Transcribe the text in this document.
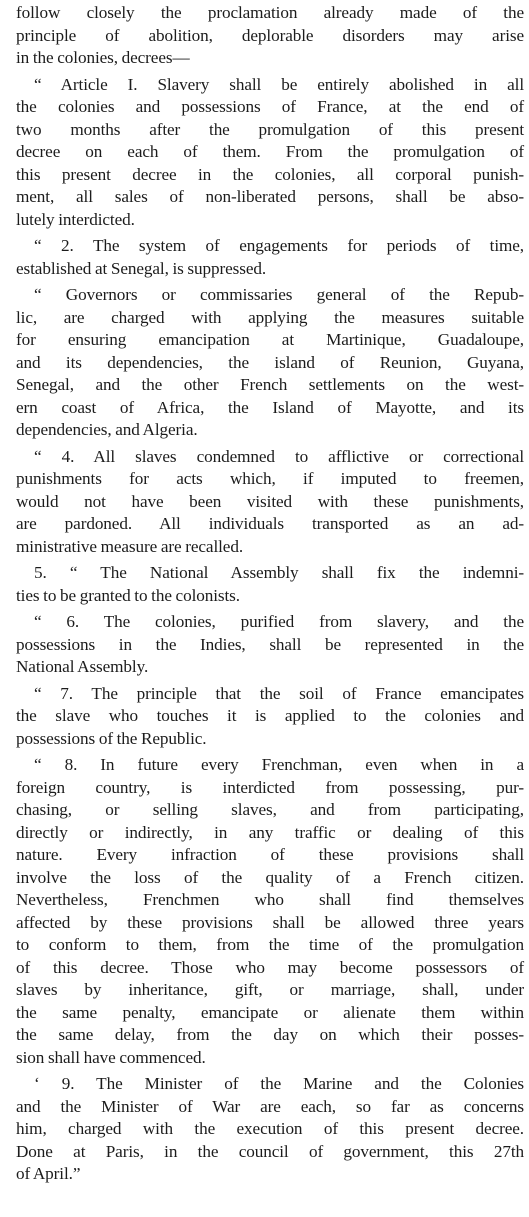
follow closely the proclamation already made of the
principle of abolition, deplorable disorders may arise
in the colonies, decrees—
“ Article I. Slavery shall be entirely abolished in all
the colonies and possessions of France, at the end of
two months after the promulgation of this present
decree on each of them. From the promulgation of
this present decree in the colonies, all corporal punish-
ment, all sales of non-liberated persons, shall be abso-
lutely interdicted.
“ 2. The system of engagements for periods of time,
established at Senegal, is suppressed.
“ Governors or commissaries general of the Repub-
lic, are charged with applying the measures suitable
for ensuring emancipation at Martinique, Guadaloupe,
and its dependencies, the island of Reunion, Guyana,
Senegal, and the other French settlements on the west-
ern coast of Africa, the Island of Mayotte, and its
dependencies, and Algeria.
“ 4. All slaves condemned to afflictive or correctional
punishments for acts which, if imputed to freemen,
would not have been visited with these punishments,
are pardoned. All individuals transported as an ad-
ministrative measure are recalled.
5. “ The National Assembly shall fix the indemni-
ties to be granted to the colonists.
“ 6. The colonies, purified from slavery, and the
possessions in the Indies, shall be represented in the
National Assembly.
“ 7. The principle that the soil of France emancipates
the slave who touches it is applied to the colonies and
possessions of the Republic.
“ 8. In future every Frenchman, even when in a
foreign country, is interdicted from possessing, pur-
chasing, or selling slaves, and from participating,
directly or indirectly, in any traffic or dealing of this
nature. Every infraction of these provisions shall
involve the loss of the quality of a French citizen.
Nevertheless, Frenchmen who shall find themselves
affected by these provisions shall be allowed three years
to conform to them, from the time of the promulgation
of this decree. Those who may become possessors of
slaves by inheritance, gift, or marriage, shall, under
the same penalty, emancipate or alienate them within
the same delay, from the day on which their posses-
sion shall have commenced.
‘ 9. The Minister of the Marine and the Colonies
and the Minister of War are each, so far as concerns
him, charged with the execution of this present decree.
Done at Paris, in the council of government, this 27th
of April.”
